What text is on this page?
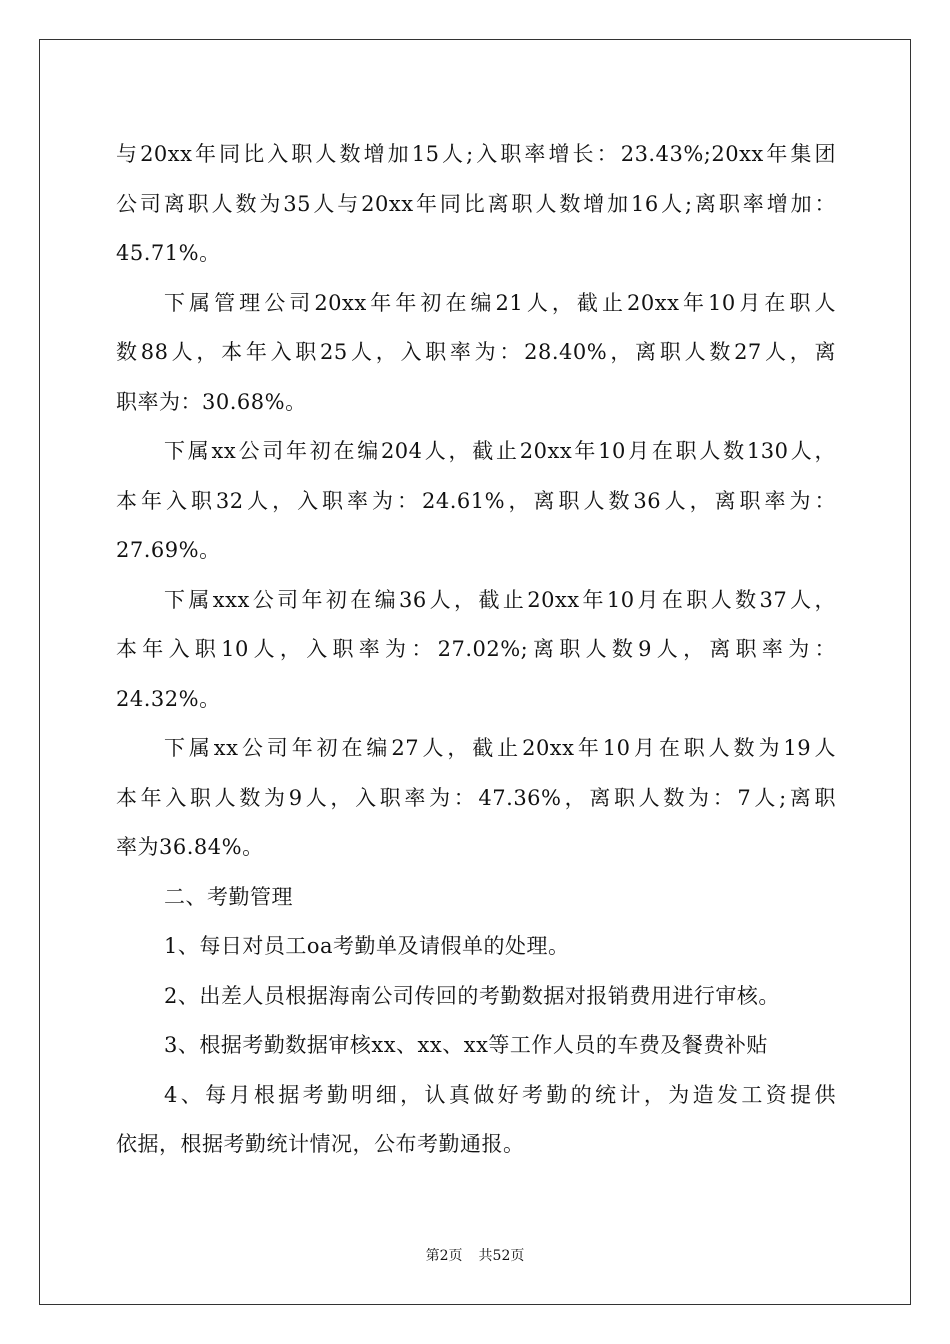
与20xx年同比入职人数增加15人;入职率增长：23.43%;20xx年集团
公司离职人数为35人与20xx年同比离职人数增加16人;离职率增加：
45.71%。
下属管理公司20xx年年初在编21人，截止20xx年10月在职人
数88人，本年入职25人，入职率为：28.40%，离职人数27人，离
职率为：30.68%。
下属xx公司年初在编204人，截止20xx年10月在职人数130人，
本年入职32人，入职率为：24.61%，离职人数36人，离职率为：
27.69%。
下属xxx公司年初在编36人，截止20xx年10月在职人数37人，
本年入职10人，入职率为：27.02%;离职人数9人，离职率为：
24.32%。
下属xx公司年初在编27人，截止20xx年10月在职人数为19人
本年入职人数为9人，入职率为：47.36%，离职人数为：7人;离职
率为36.84%。
二、考勤管理
1、每日对员工oa考勤单及请假单的处理。
2、出差人员根据海南公司传回的考勤数据对报销费用进行审核。
3、根据考勤数据审核xx、xx、xx等工作人员的车费及餐费补贴
4、每月根据考勤明细，认真做好考勤的统计，为造发工资提供
依据，根据考勤统计情况，公布考勤通报。
第2页 共52页
